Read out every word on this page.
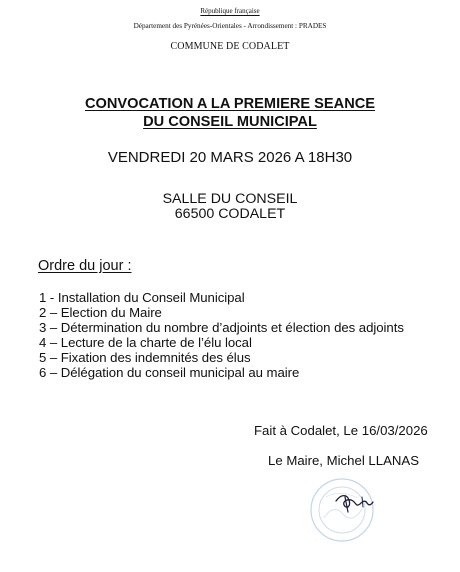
République française
Département des Pyrénées-Orientales - Arrondissement : PRADES
COMMUNE DE CODALET
CONVOCATION A LA PREMIERE SEANCE
DU CONSEIL MUNICIPAL
VENDREDI 20 MARS 2026 A 18H30
SALLE DU CONSEIL
66500 CODALET
Ordre du jour :
1 - Installation du Conseil Municipal
2 – Election du Maire
3 – Détermination du nombre d’adjoints et élection des adjoints
4 – Lecture de la charte de l’élu local
5 – Fixation des indemnités des élus
6 – Délégation du conseil municipal au maire
Fait à Codalet, Le 16/03/2026
Le Maire, Michel LLANAS
